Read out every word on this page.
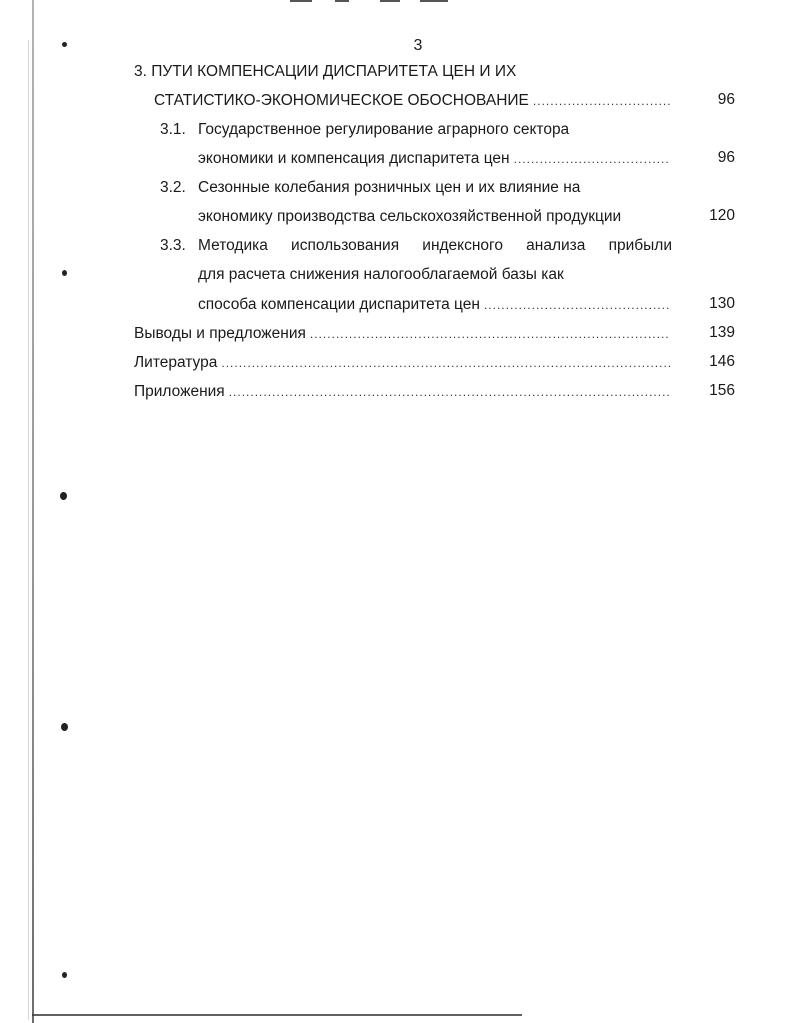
3
3. ПУТИ КОМПЕНСАЦИИ ДИСПАРИТЕТА ЦЕН И ИХ
СТАТИСТИКО-ЭКОНОМИЧЕСКОЕ ОБОСНОВАНИЕ .....	96
3.1. Государственное регулирование аграрного сектора
экономики и компенсация диспаритета цен .....	96
3.2. Сезонные колебания розничных цен и их влияние на
экономику производства сельскохозяйственной продукции	120
3.3. Методика использования индексного анализа прибыли
для расчета снижения налогооблагаемой базы как
способа компенсации диспаритета цен .....	130
Выводы и предложения .....	139
Литература .....	146
Приложения .....	156
